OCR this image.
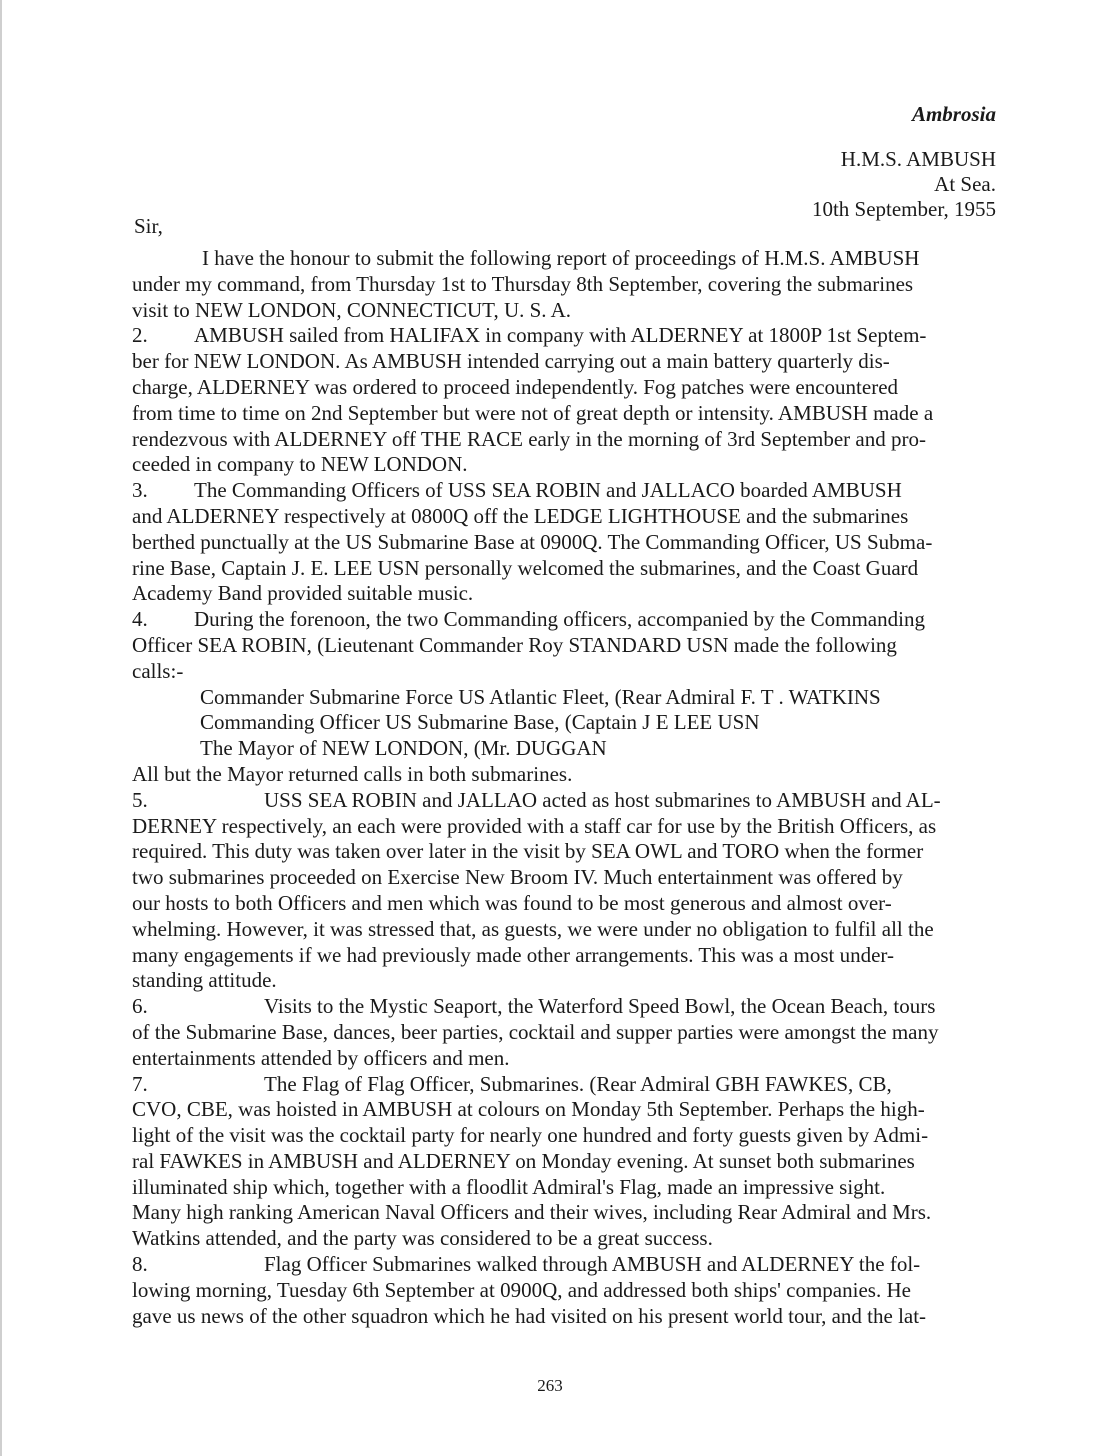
Ambrosia
H.M.S. AMBUSH
At Sea.
10th September, 1955
Sir,
I have the honour to submit the following report of proceedings of H.M.S. AMBUSH
under my command, from Thursday 1st to Thursday 8th September, covering the submarines
visit to NEW LONDON, CONNECTICUT, U. S. A.
2. AMBUSH sailed from HALIFAX in company with ALDERNEY at 1800P 1st Septem-
ber for NEW LONDON. As AMBUSH intended carrying out a main battery quarterly dis-
charge, ALDERNEY was ordered to proceed independently. Fog patches were encountered
from time to time on 2nd September but were not of great depth or intensity. AMBUSH made a
rendezvous with ALDERNEY off THE RACE early in the morning of 3rd September and pro-
ceeded in company to NEW LONDON.
3. The Commanding Officers of USS SEA ROBIN and JALLACO boarded AMBUSH
and ALDERNEY respectively at 0800Q off the LEDGE LIGHTHOUSE and the submarines
berthed punctually at the US Submarine Base at 0900Q. The Commanding Officer, US Subma-
rine Base, Captain J. E. LEE USN personally welcomed the submarines, and the Coast Guard
Academy Band provided suitable music.
4. During the forenoon, the two Commanding officers, accompanied by the Commanding
Officer SEA ROBIN, (Lieutenant Commander Roy STANDARD USN made the following
calls:-
Commander Submarine Force US Atlantic Fleet, (Rear Admiral F. T . WATKINS
Commanding Officer US Submarine Base, (Captain J E LEE USN
The Mayor of NEW LONDON, (Mr. DUGGAN
All but the Mayor returned calls in both submarines.
5.	USS SEA ROBIN and JALLAO acted as host submarines to AMBUSH and AL-
DERNEY respectively, an each were provided with a staff car for use by the British Officers, as
required. This duty was taken over later in the visit by SEA OWL and TORO when the former
two submarines proceeded on Exercise New Broom IV. Much entertainment was offered by
our hosts to both Officers and men which was found to be most generous and almost over-
whelming. However, it was stressed that, as guests, we were under no obligation to fulfil all the
many engagements if we had previously made other arrangements. This was a most under-
standing attitude.
6.	Visits to the Mystic Seaport, the Waterford Speed Bowl, the Ocean Beach, tours
of the Submarine Base, dances, beer parties, cocktail and supper parties were amongst the many
entertainments attended by officers and men.
7.	The Flag of Flag Officer, Submarines. (Rear Admiral GBH FAWKES, CB,
CVO, CBE, was hoisted in AMBUSH at colours on Monday 5th September. Perhaps the high-
light of the visit was the cocktail party for nearly one hundred and forty guests given by Admi-
ral FAWKES in AMBUSH and ALDERNEY on Monday evening. At sunset both submarines
illuminated ship which, together with a floodlit Admiral's Flag, made an impressive sight.
Many high ranking American Naval Officers and their wives, including Rear Admiral and Mrs.
Watkins attended, and the party was considered to be a great success.
8.	Flag Officer Submarines walked through AMBUSH and ALDERNEY the fol-
lowing morning, Tuesday 6th September at 0900Q, and addressed both ships' companies. He
gave us news of the other squadron which he had visited on his present world tour, and the lat-
263
